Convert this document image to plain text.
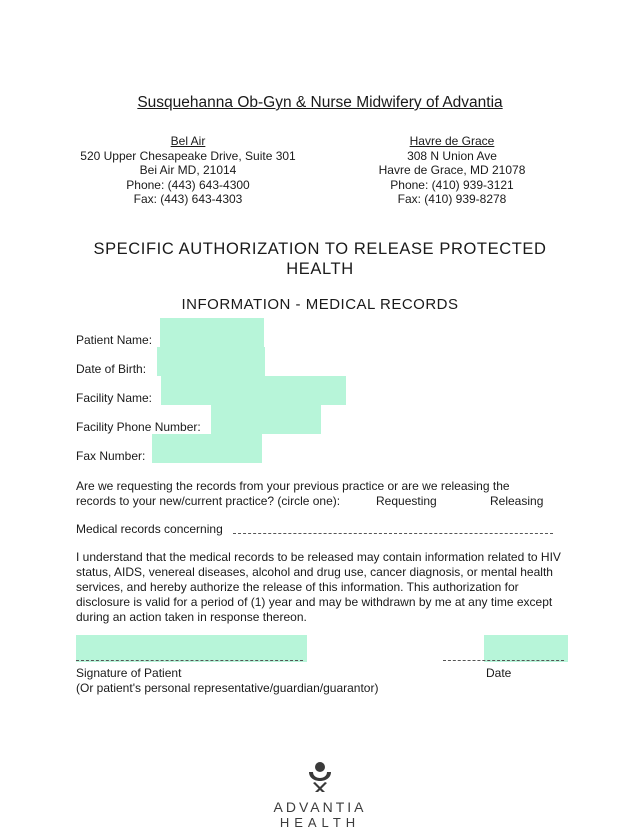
Susquehanna Ob-Gyn & Nurse Midwifery of Advantia
Bel Air
520 Upper Chesapeake Drive, Suite 301
Bei Air MD, 21014
Phone: (443) 643-4300
Fax: (443) 643-4303
Havre de Grace
308 N Union Ave
Havre de Grace, MD 21078
Phone: (410) 939-3121
Fax: (410) 939-8278
SPECIFIC AUTHORIZATION TO RELEASE PROTECTED HEALTH
INFORMATION - MEDICAL RECORDS
Patient Name:
Date of Birth:
Facility Name:
Facility Phone Number:
Fax Number:
Are we requesting the records from your previous practice or are we releasing the records to your new/current practice? (circle one):	Requesting	Releasing
Medical records concerning
I understand that the medical records to be released may contain information related to HIV status, AIDS, venereal diseases, alcohol and drug use, cancer diagnosis, or mental health services, and hereby authorize the release of this information. This authorization for disclosure is valid for a period of (1) year and may be withdrawn by me at any time except during an action taken in response thereon.
Signature of Patient	Date
(Or patient's personal representative/guardian/guarantor)
ADVANTIA
HEALTH
